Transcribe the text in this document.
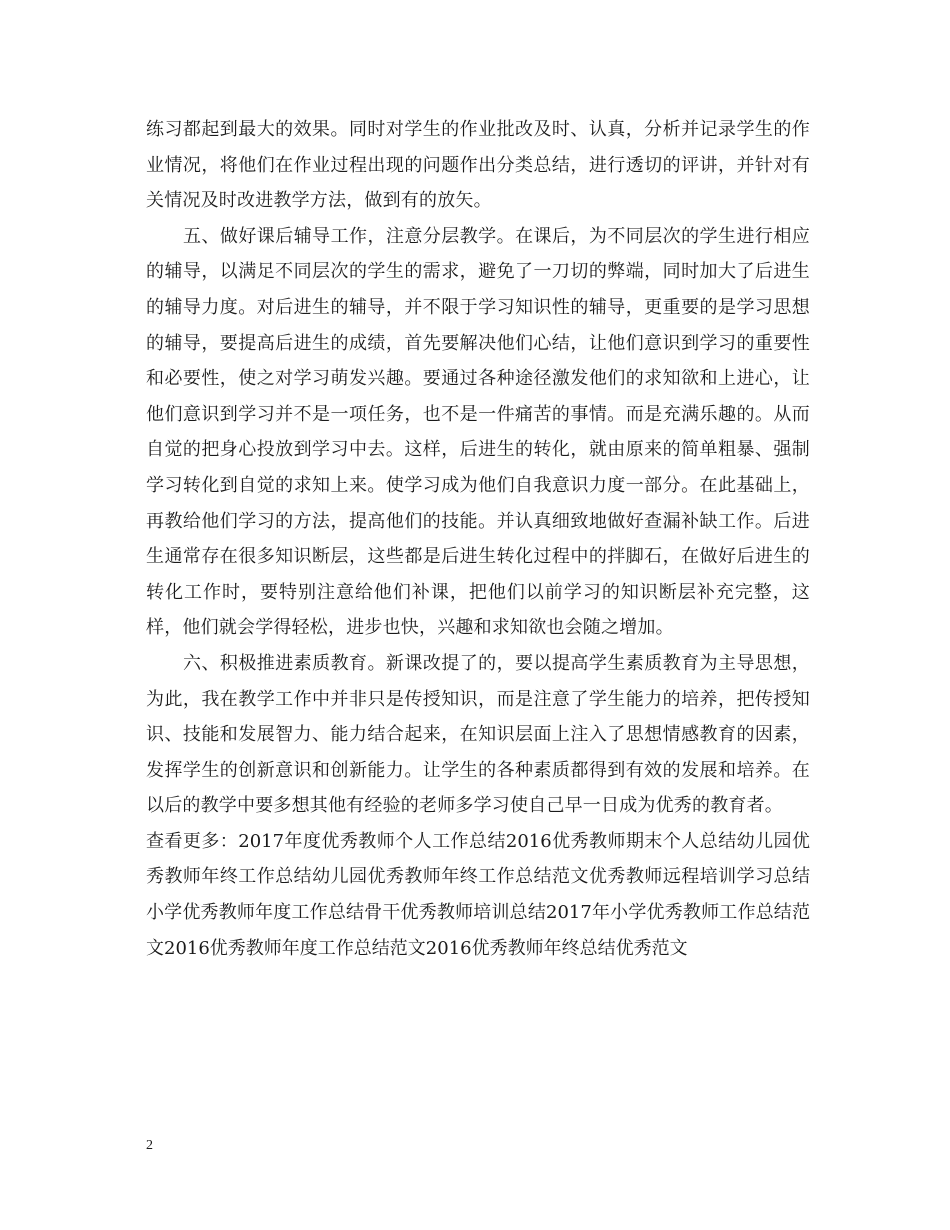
练习都起到最大的效果。同时对学生的作业批改及时、认真，分析并记录学生的作业情况，将他们在作业过程出现的问题作出分类总结，进行透切的评讲，并针对有关情况及时改进教学方法，做到有的放矢。

五、做好课后辅导工作，注意分层教学。在课后，为不同层次的学生进行相应的辅导，以满足不同层次的学生的需求，避免了一刀切的弊端，同时加大了后进生的辅导力度。对后进生的辅导，并不限于学习知识性的辅导，更重要的是学习思想的辅导，要提高后进生的成绩，首先要解决他们心结，让他们意识到学习的重要性和必要性，使之对学习萌发兴趣。要通过各种途径激发他们的求知欲和上进心，让他们意识到学习并不是一项任务，也不是一件痛苦的事情。而是充满乐趣的。从而自觉的把身心投放到学习中去。这样，后进生的转化，就由原来的简单粗暴、强制学习转化到自觉的求知上来。使学习成为他们自我意识力度一部分。在此基础上，再教给他们学习的方法，提高他们的技能。并认真细致地做好查漏补缺工作。后进生通常存在很多知识断层，这些都是后进生转化过程中的拌脚石，在做好后进生的转化工作时，要特别注意给他们补课，把他们以前学习的知识断层补充完整，这样，他们就会学得轻松，进步也快，兴趣和求知欲也会随之增加。

六、积极推进素质教育。新课改提了的，要以提高学生素质教育为主导思想，为此，我在教学工作中并非只是传授知识，而是注意了学生能力的培养，把传授知识、技能和发展智力、能力结合起来，在知识层面上注入了思想情感教育的因素，发挥学生的创新意识和创新能力。让学生的各种素质都得到有效的发展和培养。在以后的教学中要多想其他有经验的老师多学习使自己早一日成为优秀的教育者。

查看更多：2017年度优秀教师个人工作总结2016优秀教师期末个人总结幼儿园优秀教师年终工作总结幼儿园优秀教师年终工作总结范文优秀教师远程培训学习总结小学优秀教师年度工作总结骨干优秀教师培训总结2017年小学优秀教师工作总结范文2016优秀教师年度工作总结范文2016优秀教师年终总结优秀范文

2
